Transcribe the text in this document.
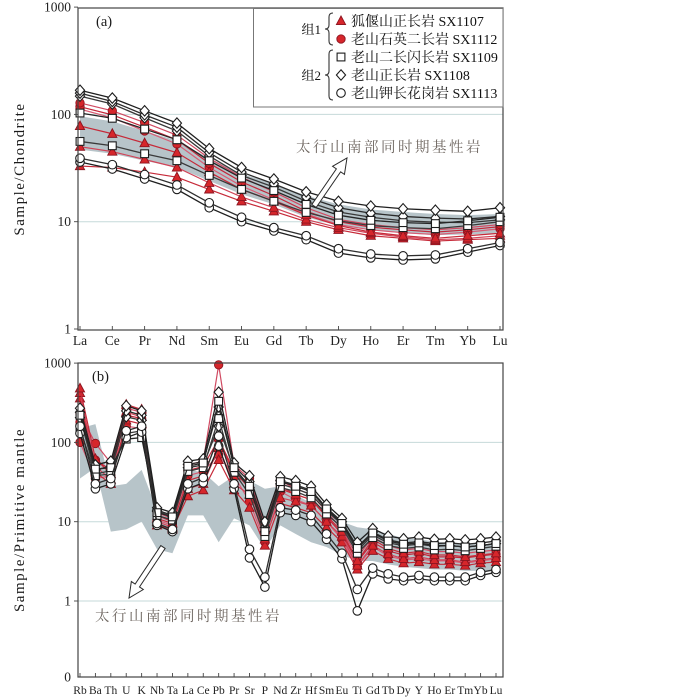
La Ce Pr Nd Sm Eu Gd Tb Dy Ho Er Tm Yb Lu
1
10
100
1000
Sample/Chondrite
(a)
太行山南部同时期基性岩
Rb Ba Th U K Nb Ta La Ce Pb Pr Sr P Nd Zr Hf Sm Eu Ti Gd Tb Dy Y Ho Er Tm Yb Lu
0
1
10
100
1000
Sample/Primitive mantle
(b)
太行山南部同时期基性岩
狐偃山正长岩 SX1107
老山石英二长岩 SX1112
老山二长闪长岩 SX1109
老山正长岩 SX1108
老山钾长花岗岩 SX1113
组1
组2
